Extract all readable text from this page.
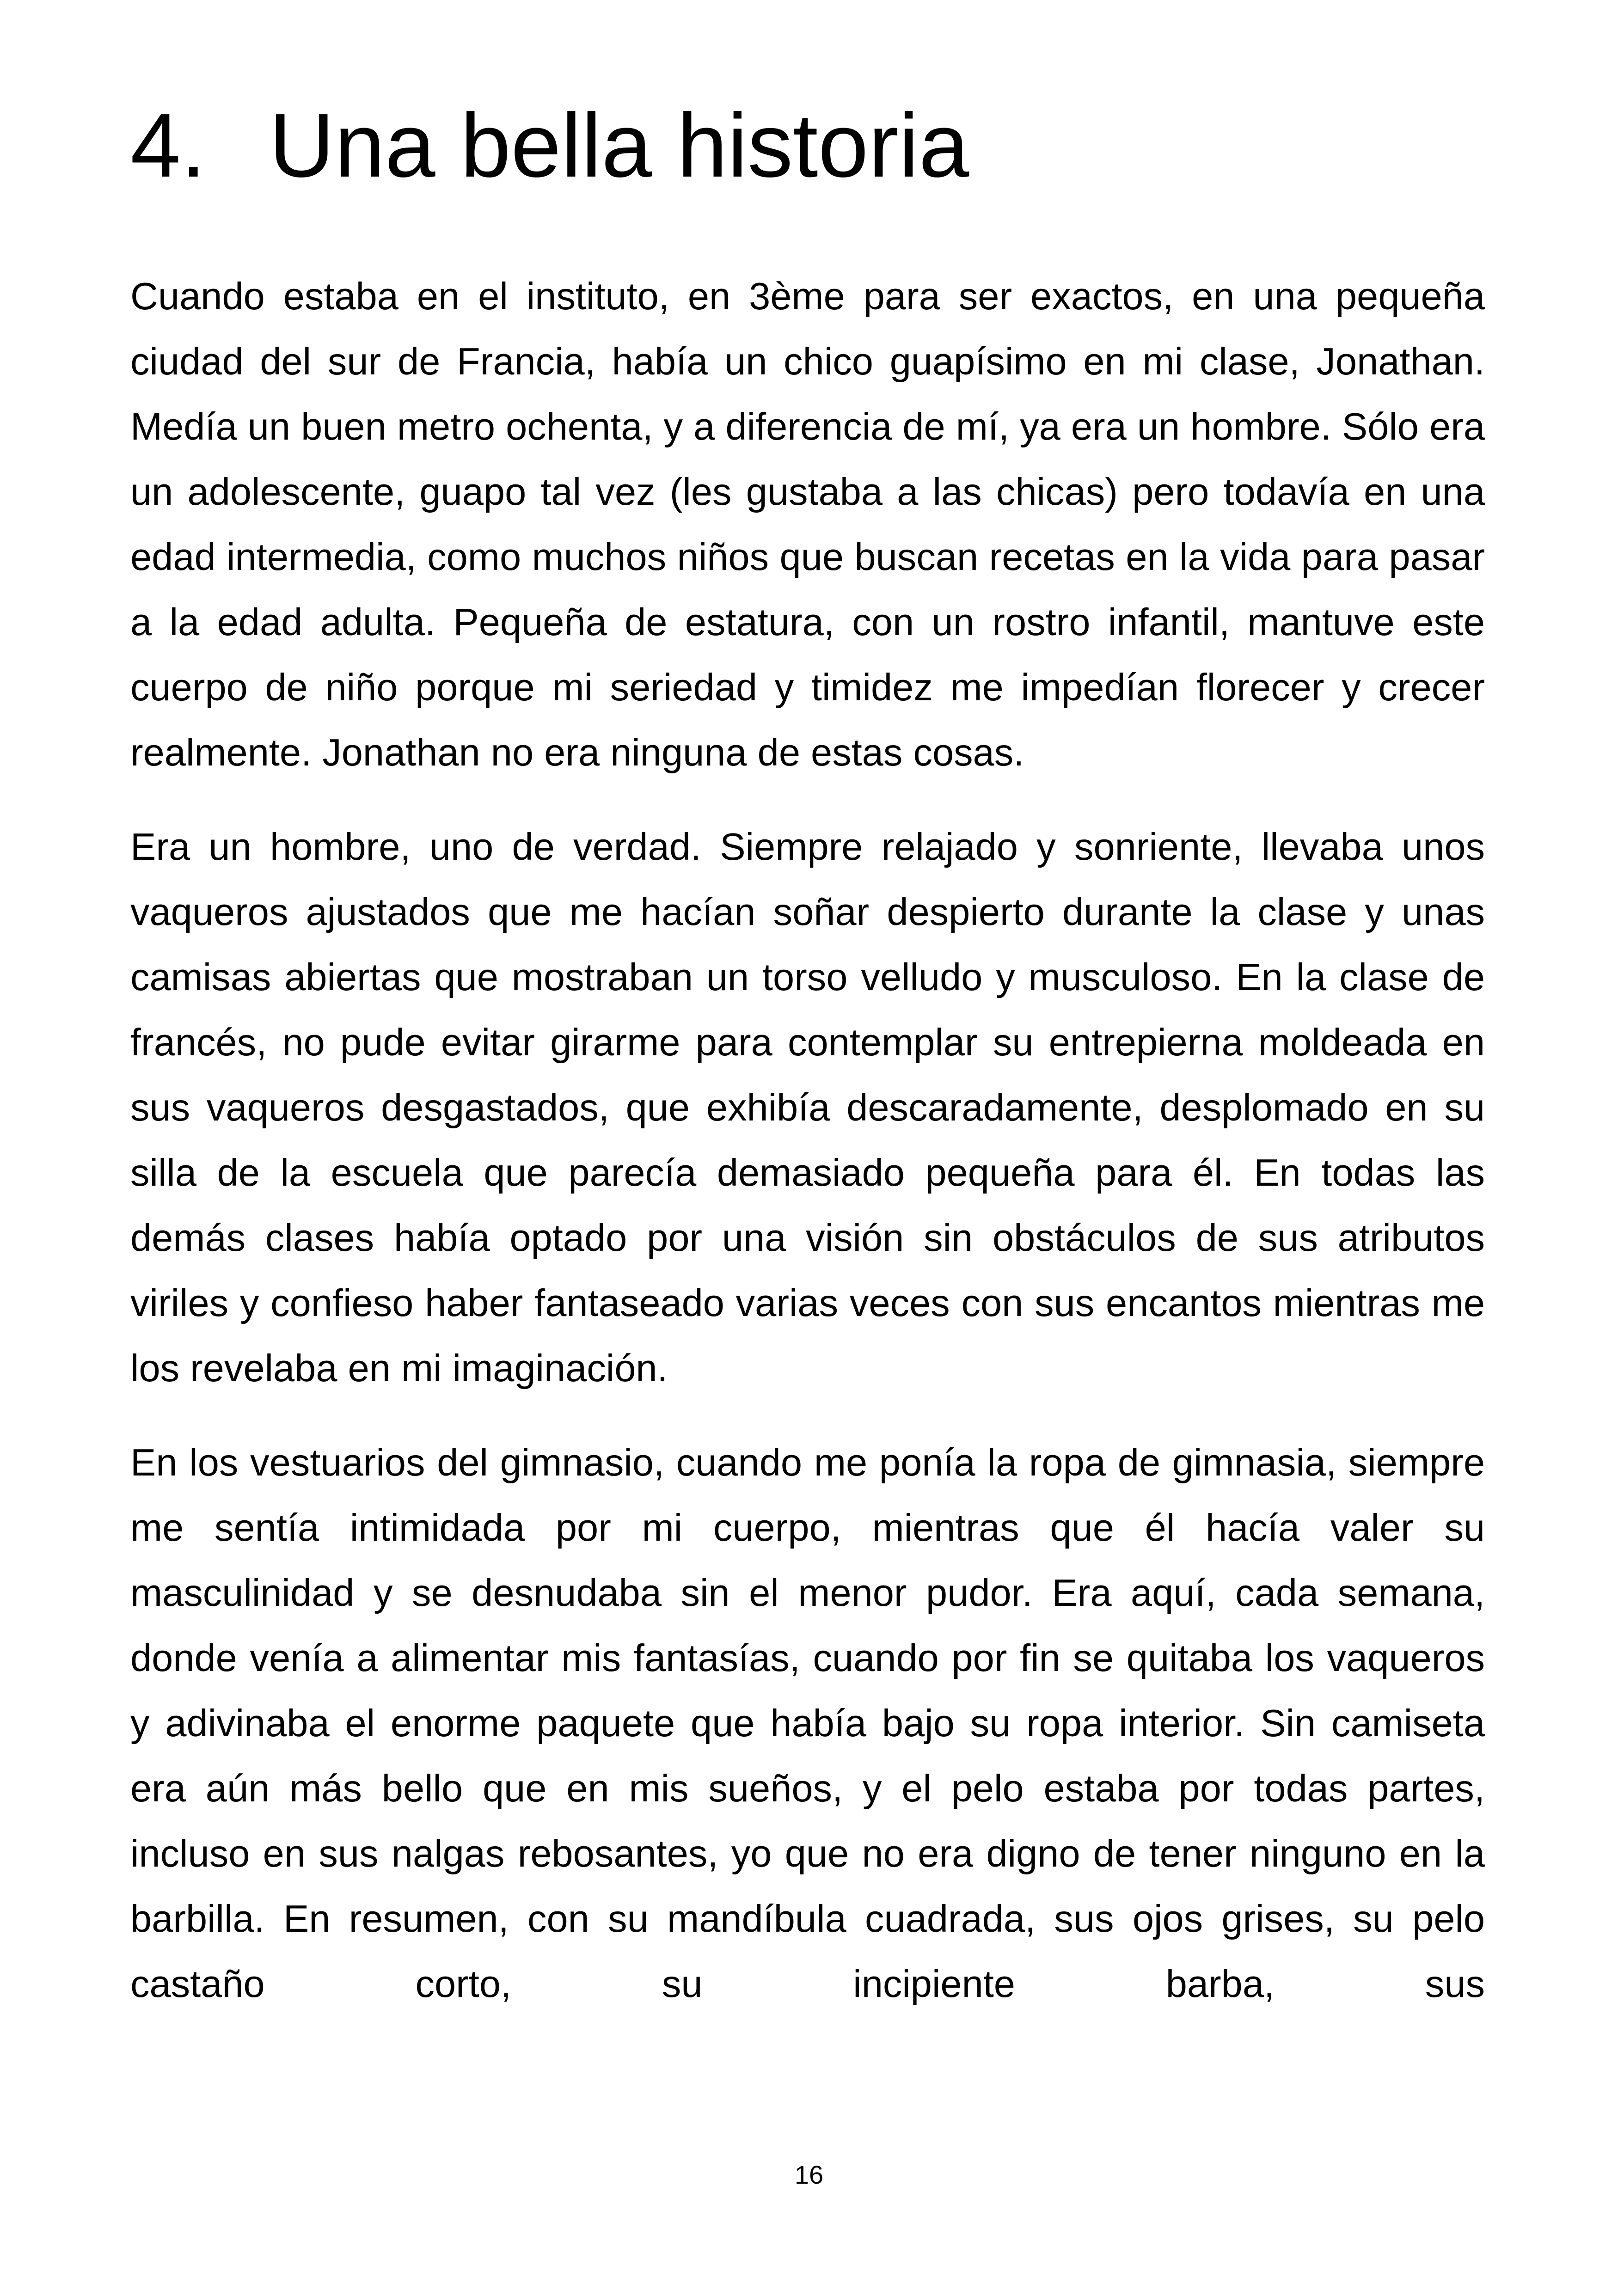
4. Una bella historia

Cuando estaba en el instituto, en 3ème para ser exactos, en una pequeña ciudad del sur de Francia, había un chico guapísimo en mi clase, Jonathan. Medía un buen metro ochenta, y a diferencia de mí, ya era un hombre. Sólo era un adolescente, guapo tal vez (les gustaba a las chicas) pero todavía en una edad intermedia, como muchos niños que buscan recetas en la vida para pasar a la edad adulta. Pequeña de estatura, con un rostro infantil, mantuve este cuerpo de niño porque mi seriedad y timidez me impedían florecer y crecer realmente. Jonathan no era ninguna de estas cosas.

Era un hombre, uno de verdad. Siempre relajado y sonriente, llevaba unos vaqueros ajustados que me hacían soñar despierto durante la clase y unas camisas abiertas que mostraban un torso velludo y musculoso. En la clase de francés, no pude evitar girarme para contemplar su entrepierna moldeada en sus vaqueros desgastados, que exhibía descaradamente, desplomado en su silla de la escuela que parecía demasiado pequeña para él. En todas las demás clases había optado por una visión sin obstáculos de sus atributos viriles y confieso haber fantaseado varias veces con sus encantos mientras me los revelaba en mi imaginación.

En los vestuarios del gimnasio, cuando me ponía la ropa de gimnasia, siempre me sentía intimidada por mi cuerpo, mientras que él hacía valer su masculinidad y se desnudaba sin el menor pudor. Era aquí, cada semana, donde venía a alimentar mis fantasías, cuando por fin se quitaba los vaqueros y adivinaba el enorme paquete que había bajo su ropa interior. Sin camiseta era aún más bello que en mis sueños, y el pelo estaba por todas partes, incluso en sus nalgas rebosantes, yo que no era digno de tener ninguno en la barbilla. En resumen, con su mandíbula cuadrada, sus ojos grises, su pelo castaño corto, su incipiente barba, sus

16
